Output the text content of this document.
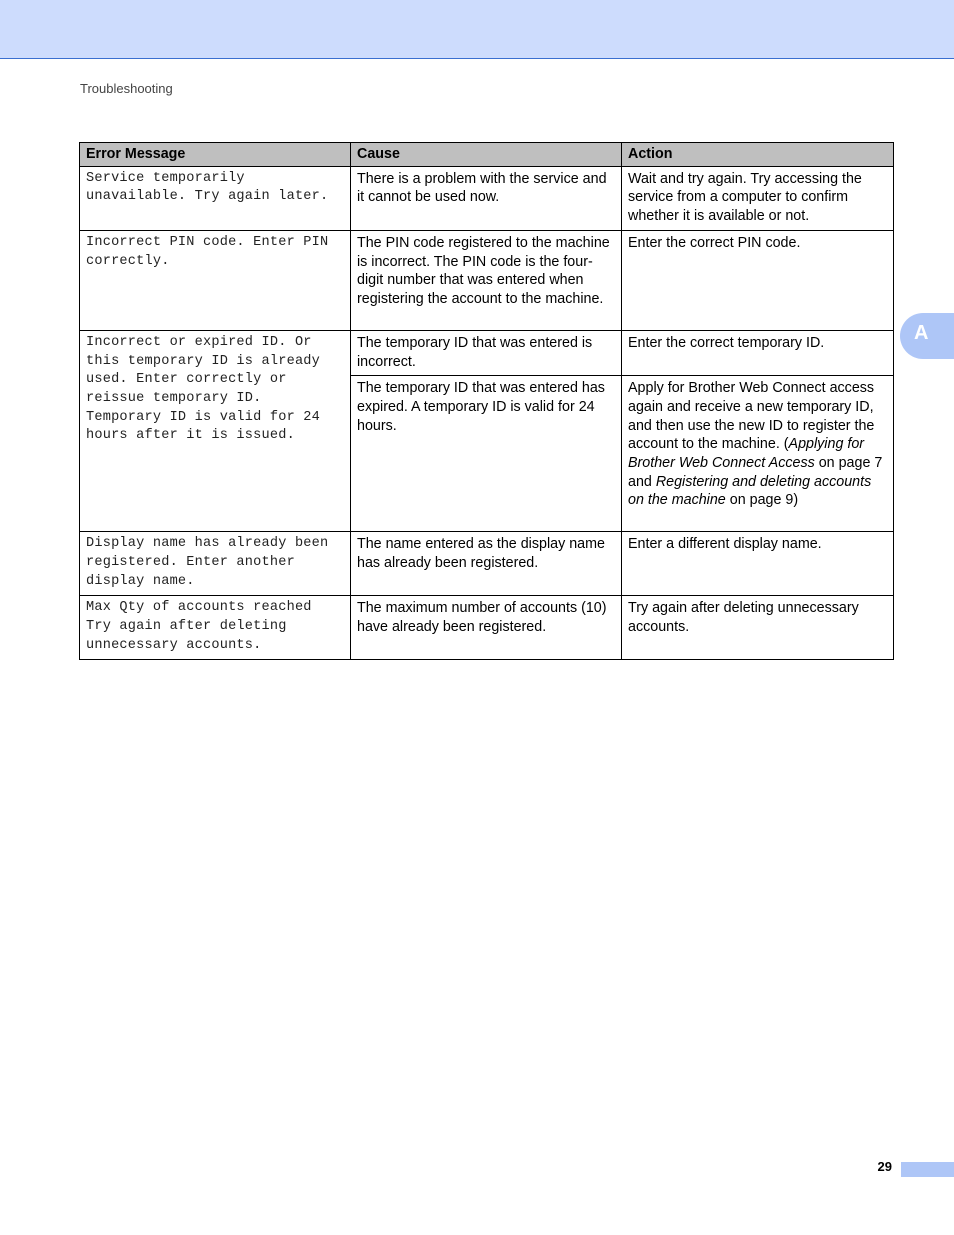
Troubleshooting
A
Error Message	Cause	Action
Service temporarily unavailable. Try again later.	There is a problem with the service and it cannot be used now.	Wait and try again. Try accessing the service from a computer to confirm whether it is available or not.
Incorrect PIN code. Enter PIN correctly.	The PIN code registered to the machine is incorrect. The PIN code is the four-digit number that was entered when registering the account to the machine.	Enter the correct PIN code.
Incorrect or expired ID. Or this temporary ID is already used. Enter correctly or reissue temporary ID. Temporary ID is valid for 24 hours after it is issued.	The temporary ID that was entered is incorrect.	Enter the correct temporary ID.
	The temporary ID that was entered has expired. A temporary ID is valid for 24 hours.	Apply for Brother Web Connect access again and receive a new temporary ID, and then use the new ID to register the account to the machine. (Applying for Brother Web Connect Access on page 7 and Registering and deleting accounts on the machine on page 9)
Display name has already been registered. Enter another display name.	The name entered as the display name has already been registered.	Enter a different display name.
Max Qty of accounts reached Try again after deleting unnecessary accounts.	The maximum number of accounts (10) have already been registered.	Try again after deleting unnecessary accounts.
29
